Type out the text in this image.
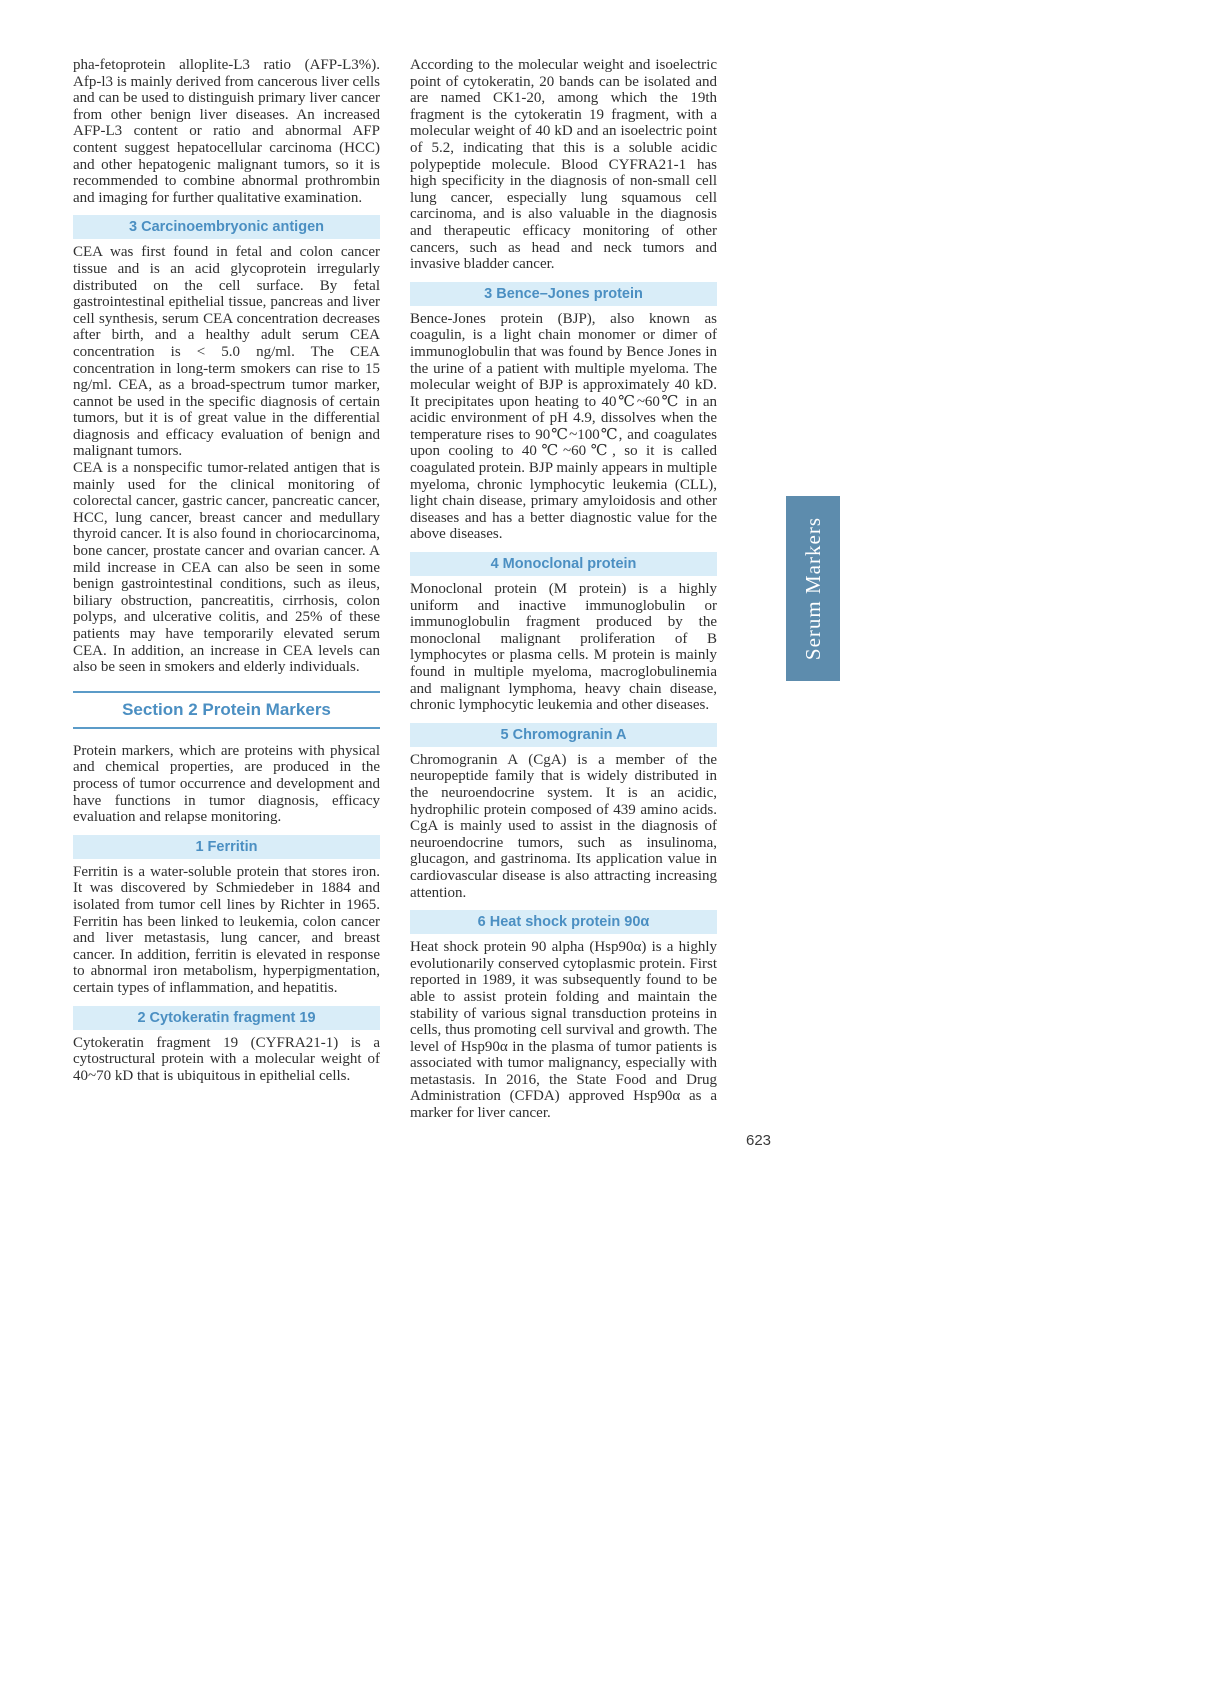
pha-fetoprotein alloplite-L3 ratio (AFP-L3%). Afp-l3 is mainly derived from cancerous liver cells and can be used to distinguish primary liver cancer from other benign liver diseases. An increased AFP-L3 content or ratio and abnormal AFP content suggest hepatocellular carcinoma (HCC) and other hepatogenic malignant tumors, so it is recommended to combine abnormal prothrombin and imaging for further qualitative examination.

3 Carcinoembryonic antigen

CEA was first found in fetal and colon cancer tissue and is an acid glycoprotein irregularly distributed on the cell surface. By fetal gastrointestinal epithelial tissue, pancreas and liver cell synthesis, serum CEA concentration decreases after birth, and a healthy adult serum CEA concentration is < 5.0 ng/ml. The CEA concentration in long-term smokers can rise to 15 ng/ml. CEA, as a broad-spectrum tumor marker, cannot be used in the specific diagnosis of certain tumors, but it is of great value in the differential diagnosis and efficacy evaluation of benign and malignant tumors.

CEA is a nonspecific tumor-related antigen that is mainly used for the clinical monitoring of colorectal cancer, gastric cancer, pancreatic cancer, HCC, lung cancer, breast cancer and medullary thyroid cancer. It is also found in choriocarcinoma, bone cancer, prostate cancer and ovarian cancer. A mild increase in CEA can also be seen in some benign gastrointestinal conditions, such as ileus, biliary obstruction, pancreatitis, cirrhosis, colon polyps, and ulcerative colitis, and 25% of these patients may have temporarily elevated serum CEA. In addition, an increase in CEA levels can also be seen in smokers and elderly individuals.

Section 2 Protein Markers

Protein markers, which are proteins with physical and chemical properties, are produced in the process of tumor occurrence and development and have functions in tumor diagnosis, efficacy evaluation and relapse monitoring.

1 Ferritin

Ferritin is a water-soluble protein that stores iron. It was discovered by Schmiedeber in 1884 and isolated from tumor cell lines by Richter in 1965. Ferritin has been linked to leukemia, colon cancer and liver metastasis, lung cancer, and breast cancer. In addition, ferritin is elevated in response to abnormal iron metabolism, hyperpigmentation, certain types of inflammation, and hepatitis.

2 Cytokeratin fragment 19

Cytokeratin fragment 19 (CYFRA21-1) is a cytostructural protein with a molecular weight of 40~70 kD that is ubiquitous in epithelial cells.

According to the molecular weight and isoelectric point of cytokeratin, 20 bands can be isolated and are named CK1-20, among which the 19th fragment is the cytokeratin 19 fragment, with a molecular weight of 40 kD and an isoelectric point of 5.2, indicating that this is a soluble acidic polypeptide molecule. Blood CYFRA21-1 has high specificity in the diagnosis of non-small cell lung cancer, especially lung squamous cell carcinoma, and is also valuable in the diagnosis and therapeutic efficacy monitoring of other cancers, such as head and neck tumors and invasive bladder cancer.

3 Bence–Jones protein

Bence-Jones protein (BJP), also known as coagulin, is a light chain monomer or dimer of immunoglobulin that was found by Bence Jones in the urine of a patient with multiple myeloma. The molecular weight of BJP is approximately 40 kD. It precipitates upon heating to 40℃~60℃ in an acidic environment of pH 4.9, dissolves when the temperature rises to 90℃~100℃, and coagulates upon cooling to 40℃~60℃, so it is called coagulated protein. BJP mainly appears in multiple myeloma, chronic lymphocytic leukemia (CLL), light chain disease, primary amyloidosis and other diseases and has a better diagnostic value for the above diseases.

4 Monoclonal protein

Monoclonal protein (M protein) is a highly uniform and inactive immunoglobulin or immunoglobulin fragment produced by the monoclonal malignant proliferation of B lymphocytes or plasma cells. M protein is mainly found in multiple myeloma, macroglobulinemia and malignant lymphoma, heavy chain disease, chronic lymphocytic leukemia and other diseases.

5 Chromogranin A

Chromogranin A (CgA) is a member of the neuropeptide family that is widely distributed in the neuroendocrine system. It is an acidic, hydrophilic protein composed of 439 amino acids. CgA is mainly used to assist in the diagnosis of neuroendocrine tumors, such as insulinoma, glucagon, and gastrinoma. Its application value in cardiovascular disease is also attracting increasing attention.

6 Heat shock protein 90α

Heat shock protein 90 alpha (Hsp90α) is a highly evolutionarily conserved cytoplasmic protein. First reported in 1989, it was subsequently found to be able to assist protein folding and maintain the stability of various signal transduction proteins in cells, thus promoting cell survival and growth. The level of Hsp90α in the plasma of tumor patients is associated with tumor malignancy, especially with metastasis. In 2016, the State Food and Drug Administration (CFDA) approved Hsp90α as a marker for liver cancer.

Serum Markers
623
